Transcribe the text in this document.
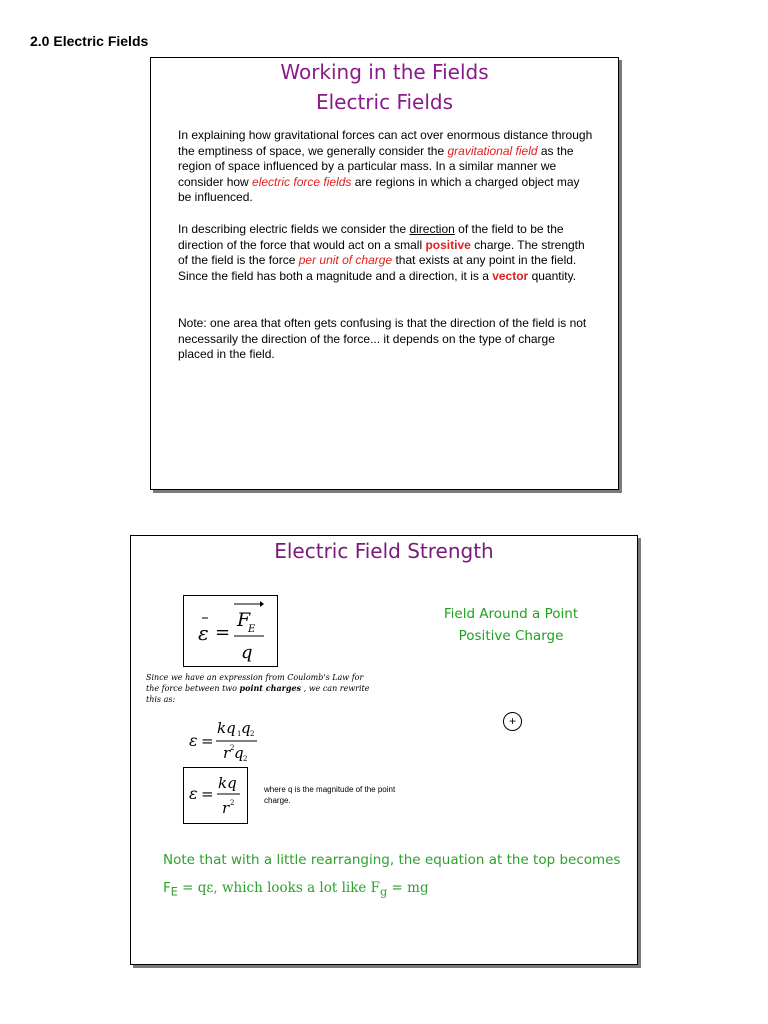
2.0 Electric Fields
Working in the Fields
Electric Fields

In explaining how gravitational forces can act over enormous distance through the emptiness of space, we generally consider the gravitational field as the region of space influenced by a particular mass. In a similar manner we consider how electric force fields are regions in which a charged object may be influenced.

In describing electric fields we consider the direction of the field to be the direction of the force that would act on a small positive charge. The strength of the field is the force per unit of charge that exists at any point in the field. Since the field has both a magnitude and a direction, it is a vector quantity.

Note: one area that often gets confusing is that the direction of the field is not necessarily the direction of the force... it depends on the type of charge placed in the field.

Electric Field Strength
ε =
F
E
q
Since we have an expression from Coulomb's Law for the force between two point charges , we can rewrite this as:
ε =
kq 1 q 2
r 2 q 2
ε =
kq
r 2
where q is the magnitude of the point charge.
Field Around a Point
Positive Charge
+
Note that with a little rearranging, the equation at the top becomes $F_E = q\varepsilon$, which looks a lot like $F_g$ = mg
